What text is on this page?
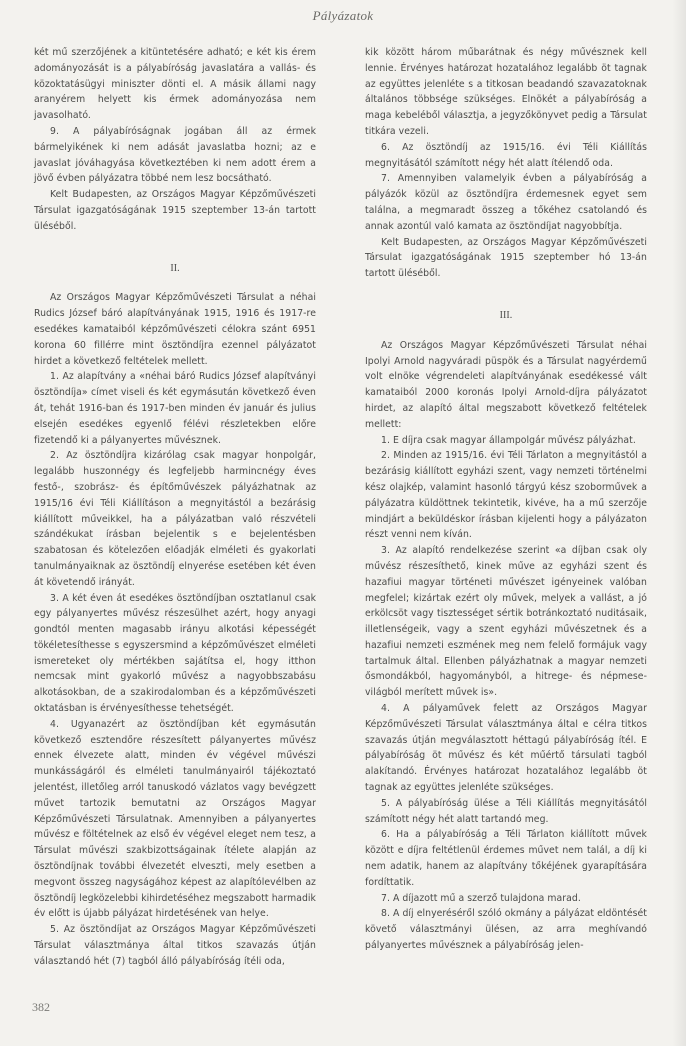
Pályázatok

két mű szerzőjének a kitüntetésére adható; e két kis érem adományozását is a pályabíróság javaslatára a vallás- és közoktatásügyi miniszter dönti el. A másik állami nagy aranyérem helyett kis érmek adományozása nem javasolható.

9. A pályabíróságnak jogában áll az érmek bármelyikének ki nem adását javaslatba hozni; az e javaslat jóváhagyása következtében ki nem adott érem a jövő évben pályázatra többé nem lesz bocsátható.

Kelt Budapesten, az Országos Magyar Képzőművészeti Társulat igazgatóságának 1915 szeptember 13-án tartott üléséből.

II.

Az Országos Magyar Képzőművészeti Társulat a néhai Rudics József báró alapítványának 1915, 1916 és 1917-re esedékes kamataiból képzőművészeti célokra szánt 6951 korona 60 fillérre mint ösztöndíjra ezennel pályázatot hirdet a következő feltételek mellett.

1. Az alapítvány a «néhai báró Rudics József alapítványi ösztöndíja» címet viseli és két egymásután következő éven át, tehát 1916-ban és 1917-ben minden év január és julius elsején esedékes egyenlő félévi részletekben előre fizetendő ki a pályanyertes művésznek.

2. Az ösztöndíjra kizárólag csak magyar honpolgár, legalább huszonnégy és legfeljebb harmincnégy éves festő-, szobrász- és építőművészek pályázhatnak az 1915/16 évi Téli Kiállításon a megnyitástól a bezárásig kiállított műveikkel, ha a pályázatban való részvételi szándékukat írásban bejelentik s e bejelentésben szabatosan és kötelezően előadják elméleti és gyakorlati tanulmányaiknak az ösztöndíj elnyerése esetében két éven át követendő irányát.

3. A két éven át esedékes ösztöndíjban osztatlanul csak egy pályanyertes művész részesülhet azért, hogy anyagi gondtól menten magasabb irányu alkotási képességét tökéletesíthesse s egyszersmind a képzőművészet elméleti ismereteket oly mértékben sajátítsa el, hogy itthon nemcsak mint gyakorló művész a nagyobbszabásu alkotásokban, de a szakirodalomban és a képzőművészeti oktatásban is érvényesíthesse tehetségét.

4. Ugyanazért az ösztöndíjban két egymásután következő esztendőre részesített pályanyertes művész ennek élvezete alatt, minden év végével művészi munkásságáról és elméleti tanulmányairól tájékoztató jelentést, illetőleg arról tanuskodó vázlatos vagy bevégzett művet tartozik bemutatni az Országos Magyar Képzőművészeti Társulatnak. Amennyiben a pályanyertes művész e föltételnek az első év végével eleget nem tesz, a Társulat művészi szakbizottságainak ítélete alapján az ösztöndíjnak további élvezetét elveszti, mely esetben a megvont összeg nagyságához képest az alapítólevélben az ösztöndíj legközelebbi kihirdetéséhez megszabott harmadik év előtt is újabb pályázat hirdetésének van helye.

5. Az ösztöndíjat az Országos Magyar Képzőművészeti Társulat választmánya által titkos szavazás útján választandó hét (7) tagból álló pályabíróság ítéli oda,

kik között három műbarátnak és négy művésznek kell lennie. Érvényes határozat hozatalához legalább öt tagnak az együttes jelenléte s a titkosan beadandó szavazatoknak általános többsége szükséges. Elnökét a pályabíróság a maga kebeléből választja, a jegyzőkönyvet pedig a Társulat titkára vezeli.

6. Az ösztöndíj az 1915/16. évi Téli Kiállítás megnyitásától számított négy hét alatt ítélendő oda.

7. Amennyiben valamelyik évben a pályabíróság a pályázók közül az ösztöndíjra érdemesnek egyet sem találna, a megmaradt összeg a tőkéhez csatolandó és annak azontúl való kamata az ösztöndíjat nagyobbítja.

Kelt Budapesten, az Országos Magyar Képzőművészeti Társulat igazgatóságának 1915 szeptember hó 13-án tartott üléséből.

III.

Az Országos Magyar Képzőművészeti Társulat néhai Ipolyi Arnold nagyváradi püspök és a Társulat nagyérdemű volt elnöke végrendeleti alapítványának esedékessé vált kamataiból 2000 koronás Ipolyi Arnold-díjra pályázatot hirdet, az alapító által megszabott következő feltételek mellett:

1. E díjra csak magyar állampolgár művész pályázhat.

2. Minden az 1915/16. évi Téli Tárlaton a megnyitástól a bezárásig kiállított egyházi szent, vagy nemzeti történelmi kész olajkép, valamint hasonló tárgyú kész szoborművek a pályázatra küldöttnek tekintetik, kivéve, ha a mű szerzője mindjárt a beküldéskor írásban kijelenti hogy a pályázaton részt venni nem kíván.

3. Az alapító rendelkezése szerint «a díjban csak oly művész részesíthető, kinek műve az egyházi szent és hazafiui magyar történeti művészet igényeinek valóban megfelel; kizártak ezért oly művek, melyek a vallást, a jó erkölcsöt vagy tisztességet sértik botránkoztató nuditásaik, illetlenségeik, vagy a szent egyházi művészetnek és a hazafiui nemzeti eszmének meg nem felelő formájuk vagy tartalmuk által. Ellenben pályázhatnak a magyar nemzeti ősmondákból, hagyományból, a hitrege- és népmese-világból merített művek is».

4. A pályaművek felett az Országos Magyar Képzőművészeti Társulat választmánya által e célra titkos szavazás útján megválasztott héttagú pályabíróság ítél. E pályabíróság öt művész és két műértő társulati tagból alakítandó. Érvényes határozat hozatalához legalább öt tagnak az együttes jelenléte szükséges.

5. A pályabíróság ülése a Téli Kiállítás megnyitásától számított négy hét alatt tartandó meg.

6. Ha a pályabíróság a Téli Tárlaton kiállított művek között e díjra feltétlenül érdemes művet nem talál, a díj ki nem adatik, hanem az alapítvány tőkéjének gyarapítására fordíttatik.

7. A díjazott mű a szerző tulajdona marad.

8. A díj elnyeréséről szóló okmány a pályázat eldöntését követő választmányi ülésen, az arra meghívandó pályanyertes művésznek a pályabíróság jelen-

382
